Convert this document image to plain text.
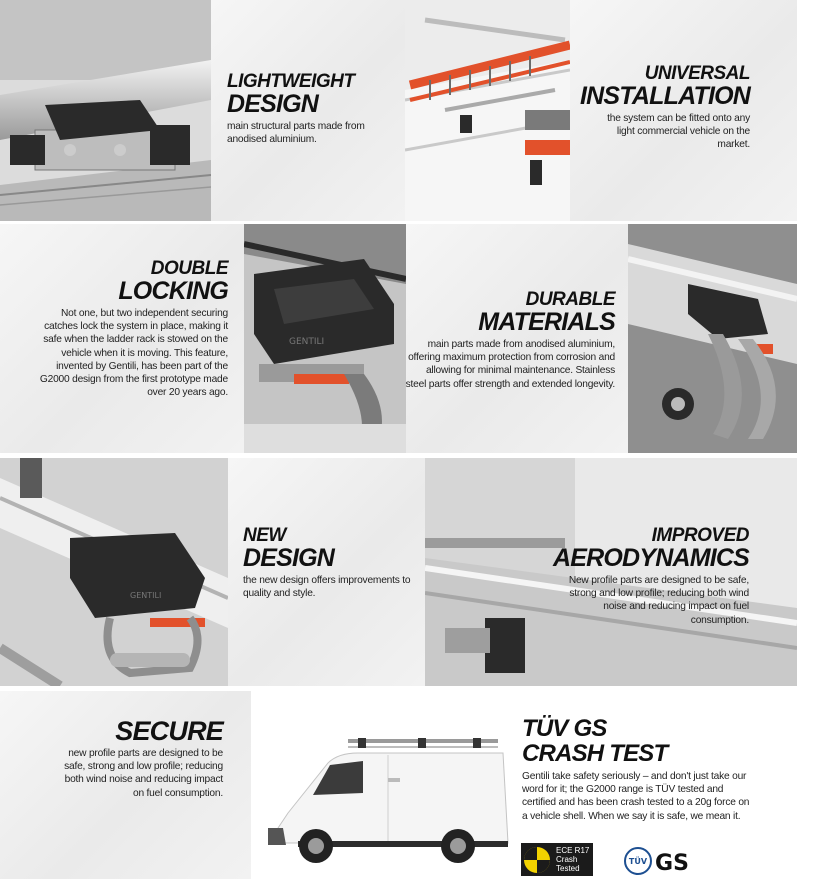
LIGHTWEIGHT
DESIGN
main structural parts made from anodised aluminium.
UNIVERSAL
INSTALLATION
the system can be fitted onto any light commercial vehicle on the market.
DOUBLE
LOCKING
Not one, but two independent securing catches lock the system in place, making it safe when the ladder rack is stowed on the vehicle when it is moving. This feature, invented by Gentili, has been part of the G2000 design from the first prototype made over 20 years ago.
GENTILI
DURABLE
MATERIALS
main parts made from anodised aluminium, offering maximum protection from corrosion and allowing for minimal maintenance. Stainless steel parts offer strength and extended longevity.
GENTILI
NEW
DESIGN
the new design offers improvements to quality and style.
IMPROVED
AERODYNAMICS
New profile parts are designed to be safe, strong and low profile; reducing both wind noise and reducing impact on fuel consumption.
SECURE
new profile parts are designed to be safe, strong and low profile; reducing both wind noise and reducing impact on fuel consumption.
TÜV GS
CRASH TEST
Gentili take safety seriously – and don't just take our word for it; the G2000 range is TÜV tested and certified and has been crash tested to a 20g force on a vehicle shell. When we say it is safe, we mean it.
ECE R17
Crash
Tested
TÜV GS
